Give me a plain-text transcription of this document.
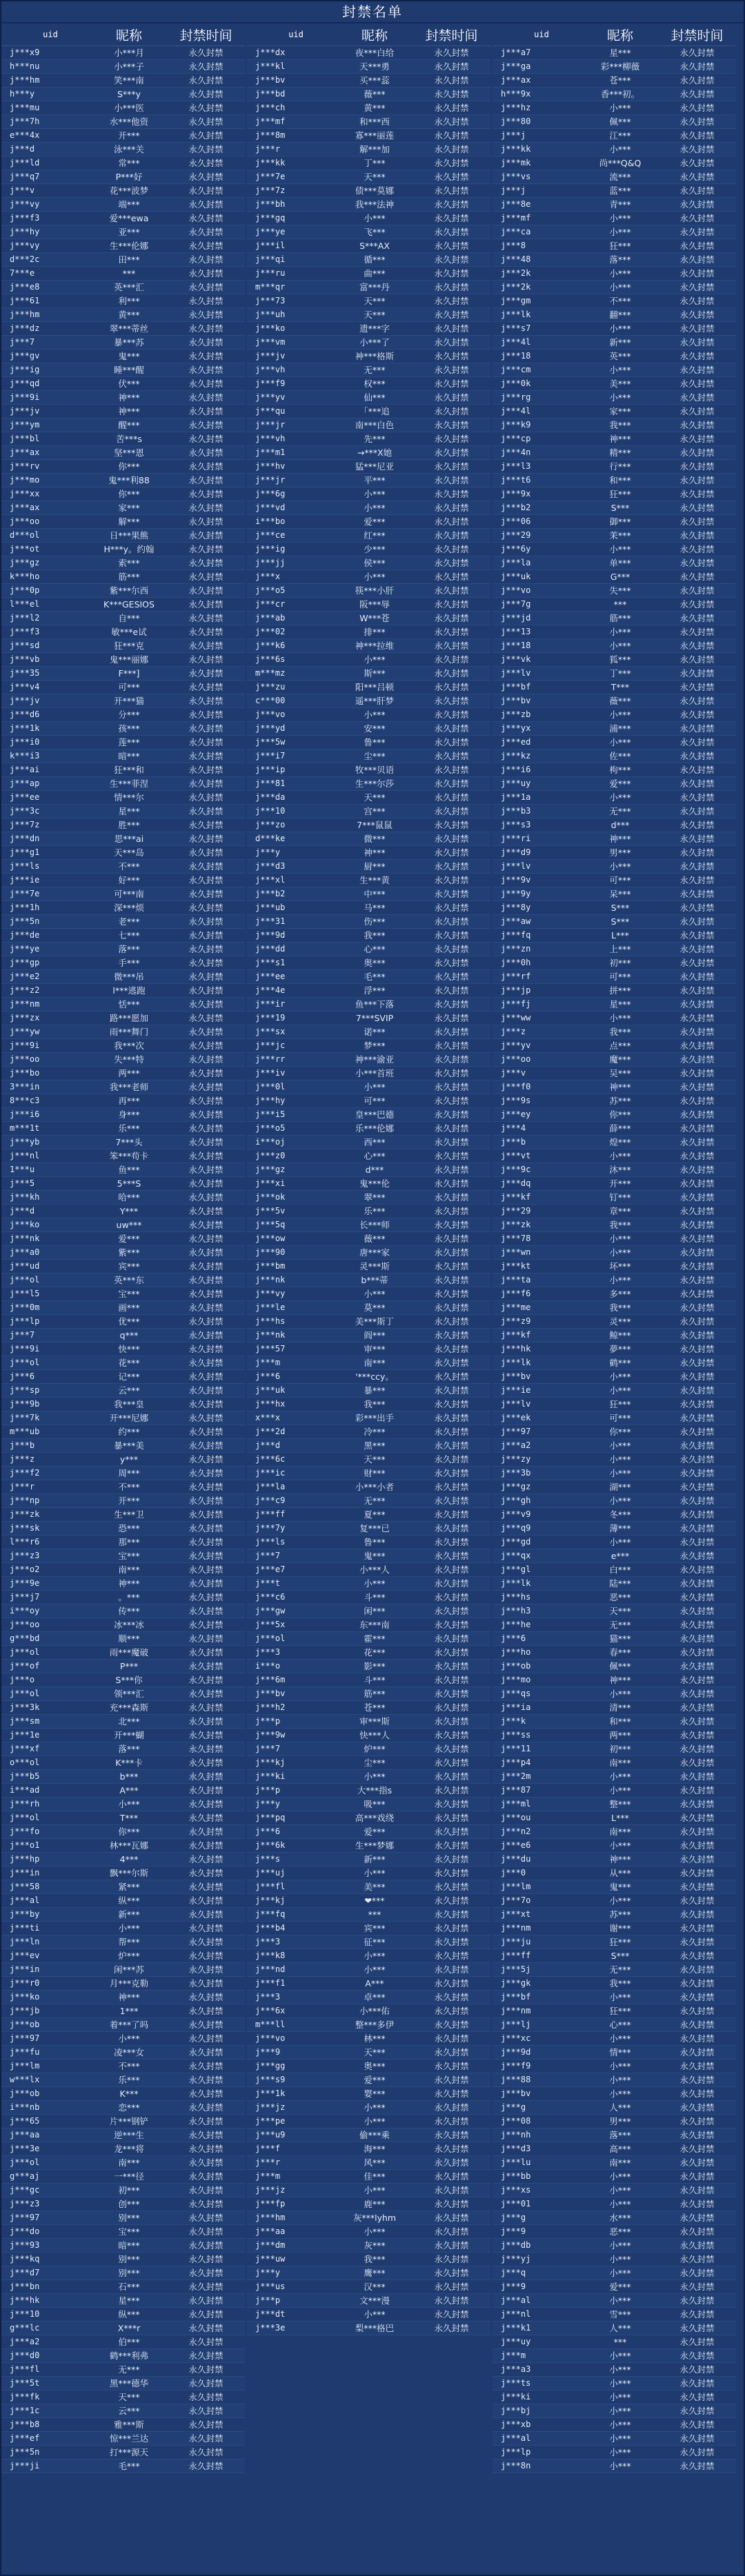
封禁名单
uid	昵称	封禁时间
j***x9	小***月	永久封禁
h***nu	小***子	永久封禁
j***hm	笑***南	永久封禁
h***y	S***y	永久封禁
j***mu	小***医	永久封禁
j***7h	水***他资	永久封禁
e***4x	开***	永久封禁
j***d	泳***关	永久封禁
j***ld	常***	永久封禁
j***q7	P***好	永久封禁
j***v	花***波梦	永久封禁
j***vy	端***	永久封禁
j***f3	爱***ewa	永久封禁
j***hy	亚***	永久封禁
j***vy	生***伦娜	永久封禁
d***2c	田***	永久封禁
7***e	***	永久封禁
j***e8	英***汇	永久封禁
j***61	利***	永久封禁
j***hm	黄***	永久封禁
j***dz	翠***蒂丝	永久封禁
j***7	暴***苏	永久封禁
j***gv	鬼***	永久封禁
j***ig	睡***醒	永久封禁
j***qd	伏***	永久封禁
j***9i	神***	永久封禁
j***jv	神***	永久封禁
j***ym	醒***	永久封禁
j***bl	苦***s	永久封禁
j***ax	坚***恩	永久封禁
j***rv	你***	永久封禁
j***mo	鬼***利88	永久封禁
j***xx	你***	永久封禁
j***ax	家***	永久封禁
j***oo	解***	永久封禁
d***ol	日***果熊	永久封禁
j***ot	H***y。约翰	永久封禁
j***gz	索***	永久封禁
k***ho	筋***	永久封禁
j***0p	紫***尔西	永久封禁
l***el	K***GESIOS	永久封禁
j***l2	自***	永久封禁
j***f3	敏***e试	永久封禁
j***sd	狂***克	永久封禁
j***vb	鬼***丽娜	永久封禁
j***35	F***]	永久封禁
j***v4	可***	永久封禁
j***jv	开***猫	永久封禁
j***d6	分***	永久封禁
j***1k	孩***	永久封禁
j***i0	莲***	永久封禁
k***i3	暗***	永久封禁
j***ai	狂***和	永久封禁
j***ap	生***菲涅	永久封禁
j***ee	情***尔	永久封禁
j***3c	星***	永久封禁
j***7z	胜***	永久封禁
j***dn	思***ai	永久封禁
j***g1	天***岛	永久封禁
j***ls	不***	永久封禁
j***ie	好***	永久封禁
j***7e	可***南	永久封禁
j***1h	深***烦	永久封禁
j***5n	老***	永久封禁
j***de	七***	永久封禁
j***ye	落***	永久封禁
j***gp	手***	永久封禁
j***e2	微***吊	永久封禁
j***z2	l***逃跑	永久封禁
j***nm	恬***	永久封禁
j***zx	路***愿加	永久封禁
j***yw	雨***舞门	永久封禁
j***9i	我***次	永久封禁
j***oo	失***特	永久封禁
j***bo	两***	永久封禁
3***in	我***老师	永久封禁
8***c3	再***	永久封禁
j***i6	身***	永久封禁
m***1t	乐***	永久封禁
j***yb	7***头	永久封禁
j***nl	笨***苟卡	永久封禁
1***u	鱼***	永久封禁
j***5	5***S	永久封禁
j***kh	哈***	永久封禁
j***d	Y***	永久封禁
j***ko	uw***	永久封禁
j***nk	爱***	永久封禁
j***a0	紫***	永久封禁
j***ud	宾***	永久封禁
j***ol	英***东	永久封禁
j***l5	宝***	永久封禁
j***0m	画***	永久封禁
j***lp	优***	永久封禁
j***7	q***	永久封禁
j***9i	快***	永久封禁
j***ol	花***	永久封禁
j***6	记***	永久封禁
j***sp	云***	永久封禁
j***9b	我***皇	永久封禁
j***7k	开***尼娜	永久封禁
m***ub	约***	永久封禁
j***b	暴***美	永久封禁
j***z	y***	永久封禁
j***f2	周***	永久封禁
j***r	不***	永久封禁
j***np	开***	永久封禁
j***zk	生***卫	永久封禁
j***sk	恐***	永久封禁
l***r6	那***	永久封禁
j***z3	宝***	永久封禁
j***o2	南***	永久封禁
j***9e	神***	永久封禁
j***j7	。***	永久封禁
i***oy	传***	永久封禁
j***oo	冰***冰	永久封禁
g***bd	顺***	永久封禁
j***ol	雨***魔破	永久封禁
j***of	P***	永久封禁
j***o	S***你	永久封禁
j***ol	领***汇	永久封禁
j***3k	充***森斯	永久封禁
j***sm	北***	永久封禁
j***1e	开***蝴	永久封禁
j***xf	落***	永久封禁
o***ol	K***卡	永久封禁
j***b5	b***	永久封禁
i***ad	A***	永久封禁
j***rh	小***	永久封禁
j***ol	T***	永久封禁
j***fo	你***	永久封禁
j***o1	林***瓦娜	永久封禁
j***hp	4***	永久封禁
j***in	飘***尔斯	永久封禁
j***58	紧***	永久封禁
j***al	纵***	永久封禁
j***by	新***	永久封禁
j***ti	小***	永久封禁
j***ln	帮***	永久封禁
j***ev	炉***	永久封禁
j***in	闲***苏	永久封禁
j***r0	月***克勒	永久封禁
j***ko	神***	永久封禁
j***jb	1***	永久封禁
j***ob	着***了吗	永久封禁
j***97	小***	永久封禁
j***fu	凌***女	永久封禁
j***lm	不***	永久封禁
w***lx	乐***	永久封禁
j***ob	K***	永久封禁
i***nb	恋***	永久封禁
j***65	片***钢铲	永久封禁
j***aa	逆***生	永久封禁
j***3e	龙***将	永久封禁
j***ol	南***	永久封禁
g***aj	一***径	永久封禁
j***gc	初***	永久封禁
j***z3	创***	永久封禁
j***97	别***	永久封禁
j***do	宝***	永久封禁
j***93	暗***	永久封禁
j***kq	别***	永久封禁
j***d7	别***	永久封禁
j***bn	石***	永久封禁
j***hk	星***	永久封禁
j***10	纵***	永久封禁
g***lc	X***r	永久封禁
j***a2	伯***	永久封禁
j***d0	鹤***利弗	永久封禁
j***fl	无***	永久封禁
j***5t	黑***德华	永久封禁
j***fk	天***	永久封禁
j***1c	云***	永久封禁
j***b8	雅***斯	永久封禁
j***ef	惊***兰达	永久封禁
j***5n	打***源天	永久封禁
j***ji	毛***	永久封禁
uid	昵称	封禁时间
j***dx	夜***白给	永久封禁
j***kl	天***勇	永久封禁
j***bv	买***蕊	永久封禁
j***bd	薇***	永久封禁
j***ch	黄***	永久封禁
j***mf	和***西	永久封禁
j***8m	寡***丽莲	永久封禁
j***r	解***加	永久封禁
j***kk	丁***	永久封禁
j***7e	天***	永久封禁
j***7z	债***莫娜	永久封禁
j***bh	我***法神	永久封禁
j***gq	小***	永久封禁
j***ye	飞***	永久封禁
j***il	S***AX	永久封禁
j***qi	循***	永久封禁
j***ru	曲***	永久封禁
m***qr	富***丹	永久封禁
j***73	天***	永久封禁
j***uh	天***	永久封禁
j***ko	遗***字	永久封禁
j***vm	小***了	永久封禁
j***jv	神***格斯	永久封禁
j***vh	无***	永久封禁
j***f9	权***	永久封禁
j***yv	仙***	永久封禁
j***qu	「***追	永久封禁
j***jr	南***白色	永久封禁
j***vh	先***	永久封禁
j***m1	→***X她	永久封禁
j***hv	猛***尼亚	永久封禁
j***jr	平***	永久封禁
j***6g	小***	永久封禁
j***vd	小***	永久封禁
i***bo	爱***	永久封禁
j***ce	红***	永久封禁
j***ig	少***	永久封禁
j***jj	侯***	永久封禁
j***x	小***	永久封禁
j***o5	筷***小肝	永久封禁
j***cr	阪***辱	永久封禁
j***ab	W***苍	永久封禁
j***02	排***	永久封禁
j***k6	神***拉维	永久封禁
j***6s	小***	永久封禁
m***mz	斯***	永久封禁
j***zu	阳***吕顿	永久封禁
c***00	遥***肝梦	永久封禁
j***vo	小***	永久封禁
j***yd	安***	永久封禁
j***5w	鲁***	永久封禁
j***i7	尘***	永久封禁
j***ip	牧***贝语	永久封禁
j***81	生***尔莎	永久封禁
j***da	天***	永久封禁
j***10	宫***	永久封禁
j***zo	7***鼠鼠	永久封禁
d***ke	微***	永久封禁
j***y	神***	永久封禁
j***d3	厨***	永久封禁
j***xl	生***黄	永久封禁
j***b2	中***	永久封禁
j***ub	马***	永久封禁
j***31	伤***	永久封禁
j***9d	我***	永久封禁
j***dd	心***	永久封禁
j***s1	奥***	永久封禁
j***ee	毛***	永久封禁
j***4e	浮***	永久封禁
j***ir	鱼***下落	永久封禁
j***19	7***SVIP	永久封禁
j***sx	诺***	永久封禁
j***jc	梦***	永久封禁
j***rr	神***渝亚	永久封禁
j***iv	小***首班	永久封禁
j***0l	小***	永久封禁
j***hy	可***	永久封禁
j***i5	皇***巴德	永久封禁
j***o5	乐***伦娜	永久封禁
i***oj	西***	永久封禁
j***z0	心***	永久封禁
j***gz	d***	永久封禁
j***xi	鬼***伦	永久封禁
j***ok	翠***	永久封禁
j***5v	乐***	永久封禁
j***5q	长***师	永久封禁
j***ow	薇***	永久封禁
j***90	唐***家	永久封禁
j***bm	灵***斯	永久封禁
j***nk	b***蒂	永久封禁
j***vy	小***	永久封禁
j***le	莫***	永久封禁
j***hs	美***斯丁	永久封禁
j***nk	阎***	永久封禁
j***57	审***	永久封禁
j***m	南***	永久封禁
j***6	'***ccy。	永久封禁
j***uk	暴***	永久封禁
j***hx	我***	永久封禁
x***x	彩***出手	永久封禁
j***2d	冷***	永久封禁
j***d	黑***	永久封禁
j***6c	天***	永久封禁
j***ic	财***	永久封禁
j***la	小***小者	永久封禁
j***c9	无***	永久封禁
j***ff	夏***	永久封禁
j***7y	复***已	永久封禁
j***ls	鲁***	永久封禁
j***7	鬼***	永久封禁
j***e7	小***人	永久封禁
j***t	小***	永久封禁
j***c6	斗***	永久封禁
j***gw	闲***	永久封禁
j***5x	东***南	永久封禁
j***ol	霍***	永久封禁
j***3	花***	永久封禁
i***o	影***	永久封禁
j***6m	斗***	永久封禁
j***bv	筋***	永久封禁
j***h2	苍***	永久封禁
j***p	审***斯	永久封禁
j***9w	快***人	永久封禁
j***7	炉***	永久封禁
j***kj	尘***	永久封禁
j***ki	小***	永久封禁
j***p	大***指s	永久封禁
j***y	吸***	永久封禁
j***pq	高***戏绕	永久封禁
j***6	爱***	永久封禁
j***6k	生***梦娜	永久封禁
j***s	新***	永久封禁
j***uj	小***	永久封禁
j***fl	美***	永久封禁
j***kj	❤***	永久封禁
j***fq	***	永久封禁
j***b4	宾***	永久封禁
j***3	征***	永久封禁
j***k8	小***	永久封禁
j***nd	小***	永久封禁
j***f1	A***	永久封禁
j***3	卓***	永久封禁
j***6x	小***佑	永久封禁
m***ll	整***多伊	永久封禁
j***vo	林***	永久封禁
j***9	天***	永久封禁
j***gg	奥***	永久封禁
j***s9	爱***	永久封禁
j***1k	婴***	永久封禁
j***jz	小***	永久封禁
j***pe	小***	永久封禁
j***u9	偷***乘	永久封禁
j***f	海***	永久封禁
j***r	风***	永久封禁
j***m	佳***	永久封禁
j***jz	小***	永久封禁
j***fp	鹿***	永久封禁
j***hm	灰***lyhm	永久封禁
j***aa	小***	永久封禁
j***dm	灰***	永久封禁
j***uw	我***	永久封禁
j***y	鹰***	永久封禁
j***us	汉***	永久封禁
j***p	文***漫	永久封禁
j***dt	小***	永久封禁
j***3e	梨***格巴	永久封禁
uid	昵称	封禁时间
j***a7	星***	永久封禁
j***ga	彩***柳薇	永久封禁
j***ax	苍***	永久封禁
h***9x	香***初。	永久封禁
j***hz	小***	永久封禁
j***80	佩***	永久封禁
j***j	江***	永久封禁
j***kk	小***	永久封禁
j***mk	尚***Q&Q	永久封禁
j***vs	流***	永久封禁
j***j	蓝***	永久封禁
j***8e	青***	永久封禁
j***mf	小***	永久封禁
j***ca	小***	永久封禁
j***8	狂***	永久封禁
j***48	落***	永久封禁
j***2k	小***	永久封禁
j***2k	小***	永久封禁
j***gm	不***	永久封禁
j***lk	翻***	永久封禁
j***s7	小***	永久封禁
j***4l	新***	永久封禁
j***18	英***	永久封禁
j***cm	小***	永久封禁
j***0k	美***	永久封禁
j***rg	小***	永久封禁
j***4l	家***	永久封禁
j***k9	我***	永久封禁
j***cp	神***	永久封禁
j***4n	精***	永久封禁
j***l3	行***	永久封禁
j***t6	和***	永久封禁
j***9x	狂***	永久封禁
j***b2	S***	永久封禁
j***06	御***	永久封禁
j***29	茉***	永久封禁
j***6y	小***	永久封禁
j***la	单***	永久封禁
j***uk	G***	永久封禁
j***vo	失***	永久封禁
j***7g	***	永久封禁
j***jd	筋***	永久封禁
j***13	小***	永久封禁
j***18	小***	永久封禁
j***vk	狐***	永久封禁
j***lv	丁***	永久封禁
j***bf	T***	永久封禁
j***bv	薇***	永久封禁
j***zb	小***	永久封禁
j***yx	浦***	永久封禁
j***ed	小***	永久封禁
j***kz	佐***	永久封禁
j***i6	枸***	永久封禁
j***uy	爱***	永久封禁
j***1a	小***	永久封禁
j***b3	无***	永久封禁
j***s3	d***	永久封禁
j***ri	神***	永久封禁
j***d9	男***	永久封禁
j***lv	小***	永久封禁
j***9v	可***	永久封禁
j***9y	呆***	永久封禁
j***8y	S***	永久封禁
j***aw	S***	永久封禁
j***fq	L***	永久封禁
j***zn	上***	永久封禁
j***0h	初***	永久封禁
j***rf	可***	永久封禁
j***jp	拼***	永久封禁
j***fj	星***	永久封禁
j***ww	小***	永久封禁
j***z	我***	永久封禁
j***yv	点***	永久封禁
j***oo	魔***	永久封禁
j***v	吴***	永久封禁
j***f0	神***	永久封禁
j***9s	苏***	永久封禁
j***ey	你***	永久封禁
j***4	薛***	永久封禁
j***b	煌***	永久封禁
j***vt	小***	永久封禁
j***9c	沐***	永久封禁
j***dq	开***	永久封禁
j***kf	钉***	永久封禁
j***29	章***	永久封禁
j***zk	我***	永久封禁
j***78	小***	永久封禁
j***wn	小***	永久封禁
j***kt	坏***	永久封禁
j***ta	小***	永久封禁
j***f6	多***	永久封禁
j***me	我***	永久封禁
j***z9	灵***	永久封禁
j***kf	鲸***	永久封禁
j***hk	夢***	永久封禁
j***lk	鹤***	永久封禁
j***bv	小***	永久封禁
j***ie	小***	永久封禁
j***lv	狂***	永久封禁
j***ek	可***	永久封禁
j***97	你***	永久封禁
j***a2	小***	永久封禁
j***zy	小***	永久封禁
j***3b	小***	永久封禁
j***gz	湖***	永久封禁
j***gh	小***	永久封禁
j***v9	冬***	永久封禁
j***q9	薄***	永久封禁
j***gd	小***	永久封禁
j***qx	e***	永久封禁
j***gl	白***	永久封禁
j***lk	陆***	永久封禁
j***hs	恶***	永久封禁
j***h3	天***	永久封禁
j***he	无***	永久封禁
j***6	猫***	永久封禁
j***ho	春***	永久封禁
j***ob	佩***	永久封禁
j***mo	神***	永久封禁
j***qs	小***	永久封禁
j***ia	清***	永久封禁
j***k	和***	永久封禁
j***ss	两***	永久封禁
j***11	初***	永久封禁
j***p4	南***	永久封禁
j***2m	小***	永久封禁
j***87	小***	永久封禁
j***ml	整***	永久封禁
j***ou	L***	永久封禁
j***n2	南***	永久封禁
j***e6	小***	永久封禁
j***du	神***	永久封禁
j***0	从***	永久封禁
j***lm	鬼***	永久封禁
j***7o	小***	永久封禁
j***xt	苏***	永久封禁
j***nm	谢***	永久封禁
j***ju	狂***	永久封禁
j***ff	S***	永久封禁
j***5j	无***	永久封禁
j***gk	我***	永久封禁
j***bf	小***	永久封禁
j***nm	狂***	永久封禁
j***lj	心***	永久封禁
j***xc	小***	永久封禁
j***9d	情***	永久封禁
j***f9	小***	永久封禁
j***88	小***	永久封禁
j***bv	小***	永久封禁
j***g	人***	永久封禁
j***08	男***	永久封禁
j***nh	落***	永久封禁
j***d3	高***	永久封禁
j***lu	南***	永久封禁
j***bb	小***	永久封禁
j***xs	小***	永久封禁
j***01	小***	永久封禁
j***g	水***	永久封禁
j***9	恶***	永久封禁
j***db	小***	永久封禁
j***yj	小***	永久封禁
j***q	小***	永久封禁
j***9	爱***	永久封禁
j***al	小***	永久封禁
j***nl	雪***	永久封禁
j***k1	人***	永久封禁
j***uy	***	永久封禁
j***m	小***	永久封禁
j***a3	小***	永久封禁
j***ts	小***	永久封禁
j***ki	小***	永久封禁
j***bj	小***	永久封禁
j***xb	小***	永久封禁
j***al	小***	永久封禁
j***lp	小***	永久封禁
j***8n	小***	永久封禁
